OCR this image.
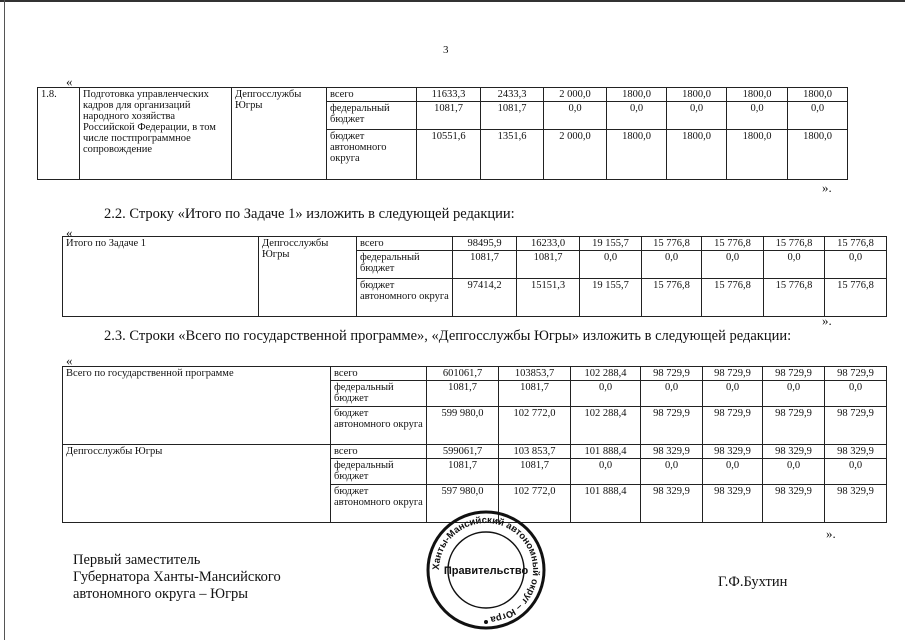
3
«
1.8.	Подготовка управленческих кадров для организаций народного хозяйства Российской Федерации, в том числе постпрограммное сопровождение	Депгосслужбы Югры	всего	11633,3	2433,3	2 000,0	1800,0	1800,0	1800,0	1800,0
			федеральный бюджет	1081,7	1081,7	0,0	0,0	0,0	0,0	0,0
			бюджет автономного округа	10551,6	1351,6	2 000,0	1800,0	1800,0	1800,0	1800,0
».
2.2. Строку «Итого по Задаче 1» изложить в следующей редакции:
«
Итого по Задаче 1	Депгосслужбы Югры	всего	98495,9	16233,0	19 155,7	15 776,8	15 776,8	15 776,8	15 776,8
		федеральный бюджет	1081,7	1081,7	0,0	0,0	0,0	0,0	0,0
		бюджет автономного округа	97414,2	15151,3	19 155,7	15 776,8	15 776,8	15 776,8	15 776,8
».
2.3. Строки «Всего по государственной программе», «Депгосслужбы Югры» изложить в следующей редакции:
«
Всего по государственной программе	всего	601061,7	103853,7	102 288,4	98 729,9	98 729,9	98 729,9	98 729,9
	федеральный бюджет	1081,7	1081,7	0,0	0,0	0,0	0,0	0,0
	бюджет автономного округа	599 980,0	102 772,0	102 288,4	98 729,9	98 729,9	98 729,9	98 729,9
Депгосслужбы Югры	всего	599061,7	103 853,7	101 888,4	98 329,9	98 329,9	98 329,9	98 329,9
	федеральный бюджет	1081,7	1081,7	0,0	0,0	0,0	0,0	0,0
	бюджет автономного округа	597 980,0	102 772,0	101 888,4	98 329,9	98 329,9	98 329,9	98 329,9
».
Первый заместитель
Губернатора Ханты-Мансийского
автономного округа – Югры
Ханты-Мансийский автономный округ – Югра
Правительство
Г.Ф.Бухтин
